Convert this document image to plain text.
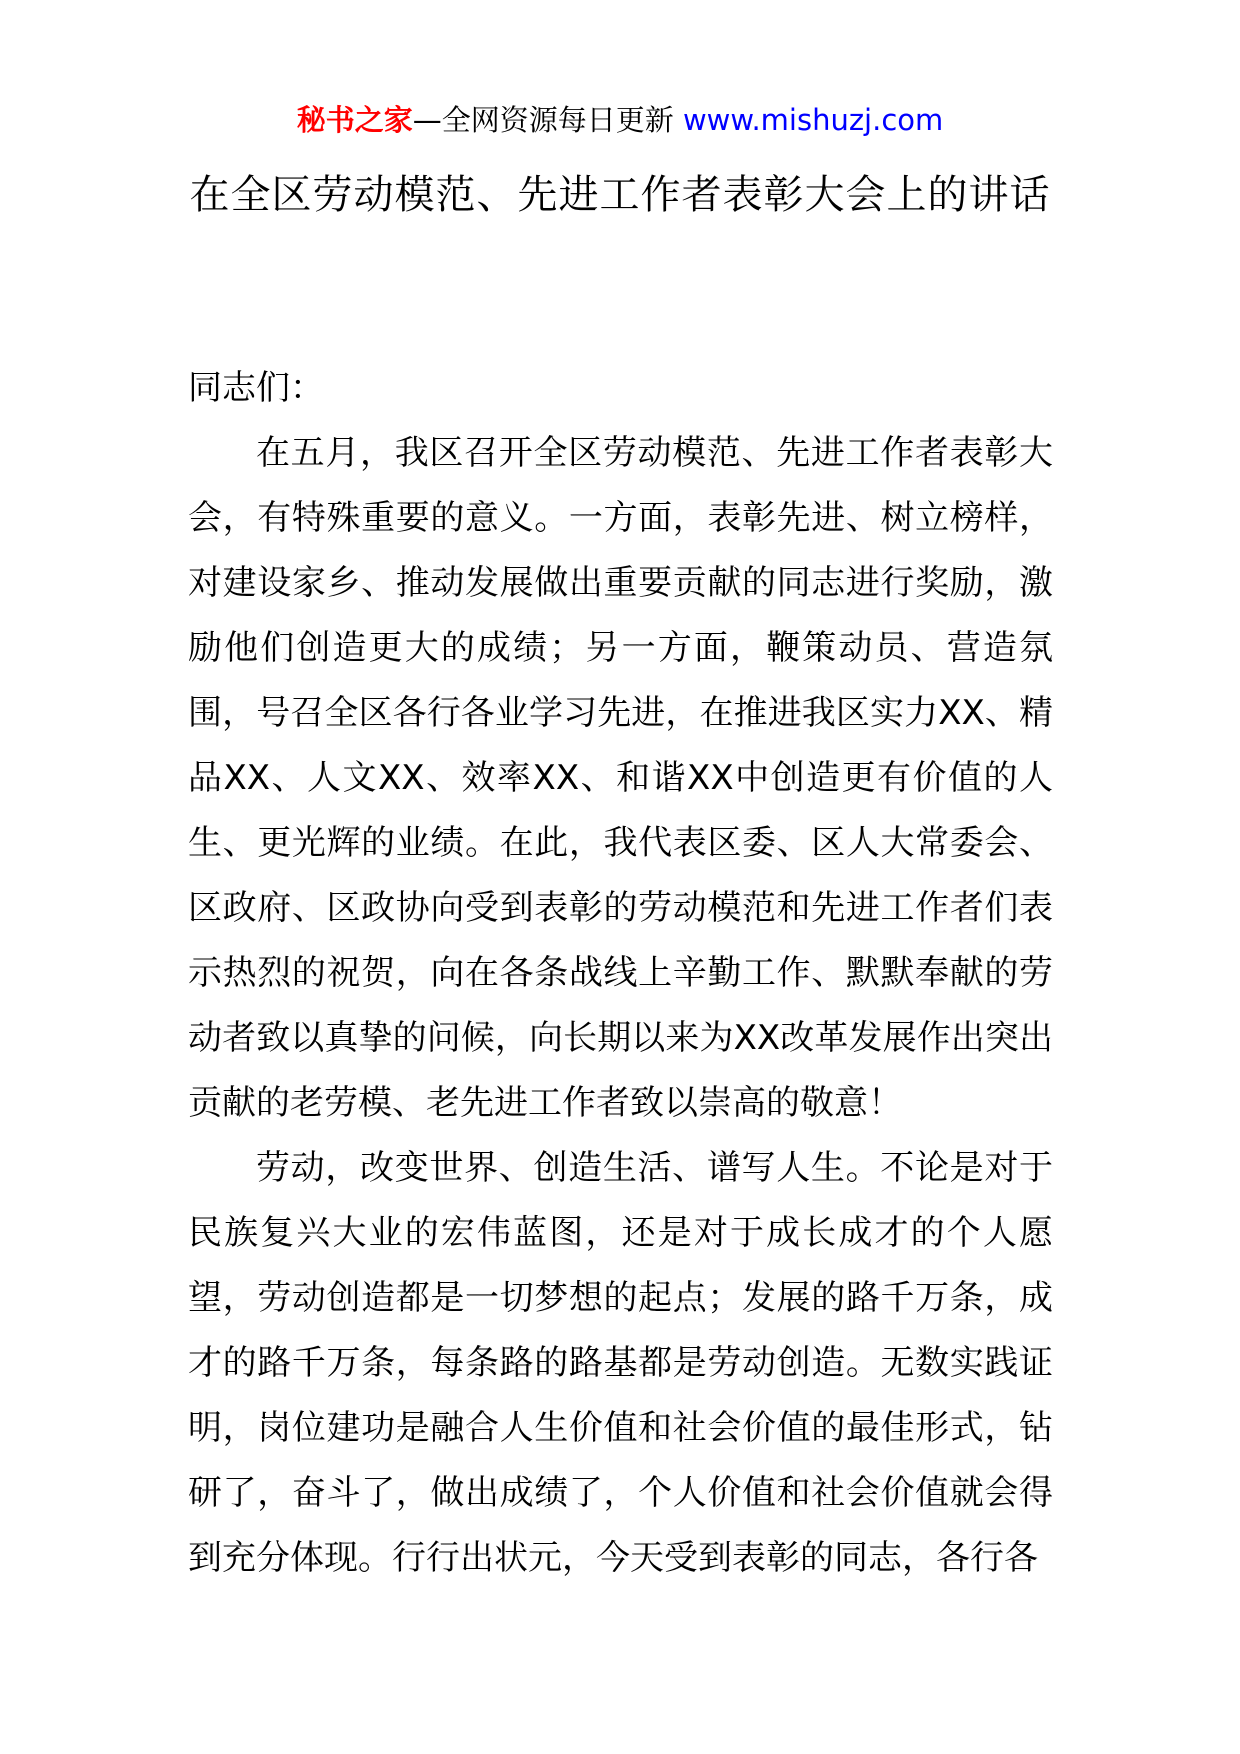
秘书之家—全网资源每日更新 www.mishuzj.com
在全区劳动模范、先进工作者表彰大会上的讲话

同志们：

在五月，我区召开全区劳动模范、先进工作者表彰大会，有特殊重要的意义。一方面，表彰先进、树立榜样，对建设家乡、推动发展做出重要贡献的同志进行奖励，激励他们创造更大的成绩；另一方面，鞭策动员、营造氛围，号召全区各行各业学习先进，在推进我区实力XX、精品XX、人文XX、效率XX、和谐XX中创造更有价值的人生、更光辉的业绩。在此，我代表区委、区人大常委会、区政府、区政协向受到表彰的劳动模范和先进工作者们表示热烈的祝贺，向在各条战线上辛勤工作、默默奉献的劳动者致以真挚的问候，向长期以来为XX改革发展作出突出贡献的老劳模、老先进工作者致以崇高的敬意！

劳动，改变世界、创造生活、谱写人生。不论是对于民族复兴大业的宏伟蓝图，还是对于成长成才的个人愿望，劳动创造都是一切梦想的起点；发展的路千万条，成才的路千万条，每条路的路基都是劳动创造。无数实践证明，岗位建功是融合人生价值和社会价值的最佳形式，钻研了，奋斗了，做出成绩了，个人价值和社会价值就会得到充分体现。行行出状元，今天受到表彰的同志，各行各
